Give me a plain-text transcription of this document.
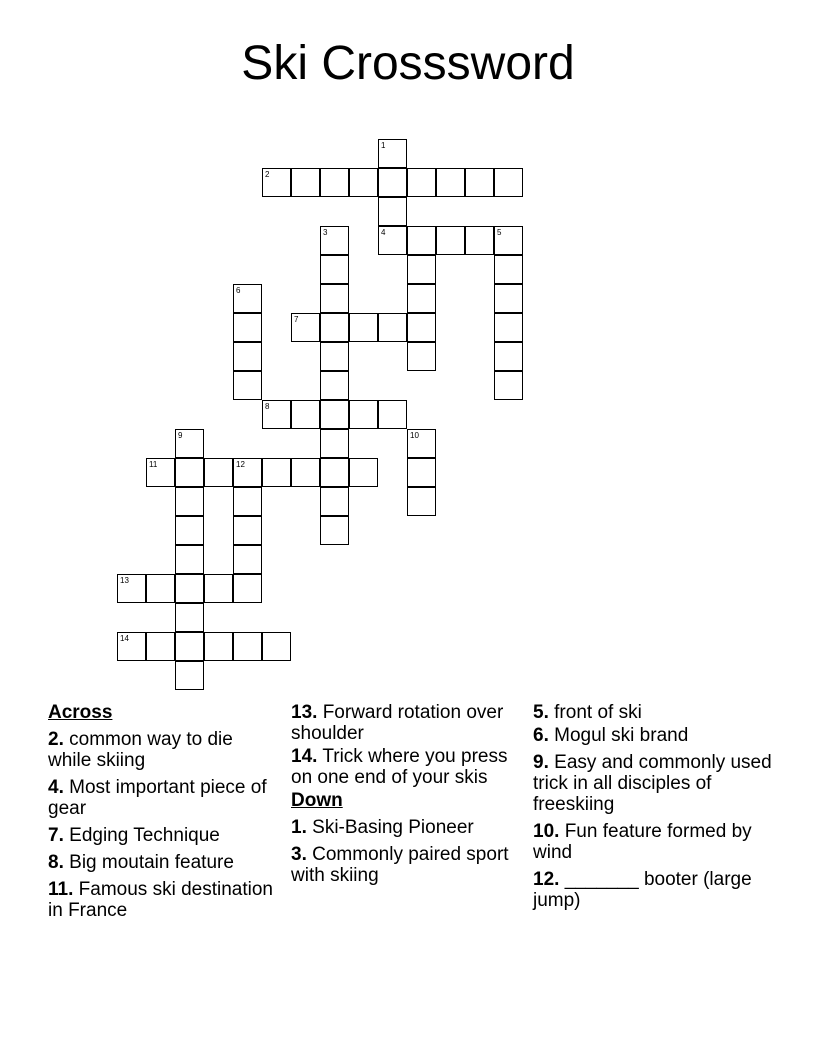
Ski Crosssword
1
2
3	4	5
6
7
8
9	10
11	12
13
14
Across

2. common way to die while skiing

4. Most important piece of gear

7. Edging Technique

8. Big moutain feature

11. Famous ski destination in France

13. Forward rotation over shoulder

14. Trick where you press on one end of your skis

Down

1. Ski-Basing Pioneer

3. Commonly paired sport with skiing

5. front of ski

6. Mogul ski brand

9. Easy and commonly used trick in all disciples of freeskiing

10. Fun feature formed by wind

12. _______ booter (large jump)
